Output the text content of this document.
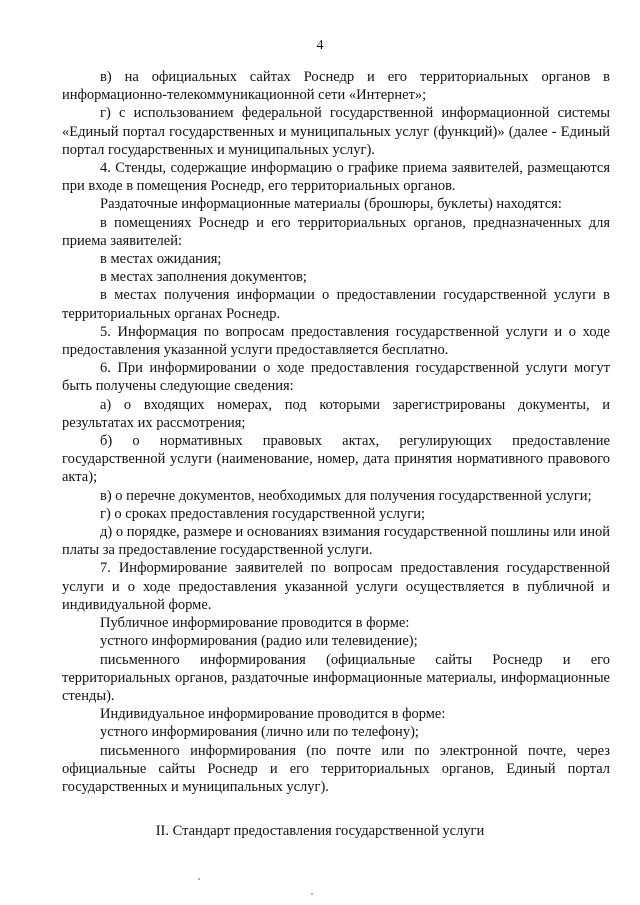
4

в) на официальных сайтах Роснедр и его территориальных органов в информационно-телекоммуникационной сети «Интернет»;

г) с использованием федеральной государственной информационной системы «Единый портал государственных и муниципальных услуг (функций)» (далее - Единый портал государственных и муниципальных услуг).

4. Стенды, содержащие информацию о графике приема заявителей, размещаются при входе в помещения Роснедр, его территориальных органов.

Раздаточные информационные материалы (брошюры, буклеты) находятся:

в помещениях Роснедр и его территориальных органов, предназначенных для приема заявителей:

в местах ожидания;

в местах заполнения документов;

в местах получения информации о предоставлении государственной услуги в территориальных органах Роснедр.

5. Информация по вопросам предоставления государственной услуги и о ходе предоставления указанной услуги предоставляется бесплатно.

6. При информировании о ходе предоставления государственной услуги могут быть получены следующие сведения:

а) о входящих номерах, под которыми зарегистрированы документы, и результатах их рассмотрения;

б) о нормативных правовых актах, регулирующих предоставление государственной услуги (наименование, номер, дата принятия нормативного правового акта);

в) о перечне документов, необходимых для получения государственной услуги;

г) о сроках предоставления государственной услуги;

д) о порядке, размере и основаниях взимания государственной пошлины или иной платы за предоставление государственной услуги.

7. Информирование заявителей по вопросам предоставления государственной услуги и о ходе предоставления указанной услуги осуществляется в публичной и индивидуальной форме.

Публичное информирование проводится в форме:

устного информирования (радио или телевидение);

письменного информирования (официальные сайты Роснедр и его территориальных органов, раздаточные информационные материалы, информационные стенды).

Индивидуальное информирование проводится в форме:

устного информирования (лично или по телефону);

письменного информирования (по почте или по электронной почте, через официальные сайты Роснедр и его территориальных органов, Единый портал государственных и муниципальных услуг).

II. Стандарт предоставления государственной услуги
